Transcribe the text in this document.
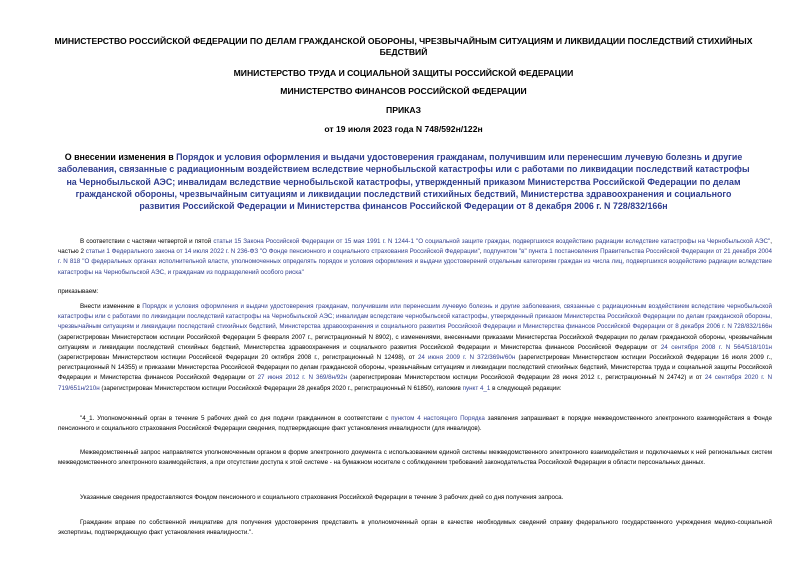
МИНИСТЕРСТВО РОССИЙСКОЙ ФЕДЕРАЦИИ ПО ДЕЛАМ ГРАЖДАНСКОЙ ОБОРОНЫ, ЧРЕЗВЫЧАЙНЫМ СИТУАЦИЯМ И ЛИКВИДАЦИИ ПОСЛЕДСТВИЙ СТИХИЙНЫХ БЕДСТВИЙ

МИНИСТЕРСТВО ТРУДА И СОЦИАЛЬНОЙ ЗАЩИТЫ РОССИЙСКОЙ ФЕДЕРАЦИИ

МИНИСТЕРСТВО ФИНАНСОВ РОССИЙСКОЙ ФЕДЕРАЦИИ

ПРИКАЗ

от 19 июля 2023 года N 748/592н/122н

О внесении изменения в Порядок и условия оформления и выдачи удостоверения гражданам, получившим или перенесшим лучевую болезнь и другие заболевания, связанные с радиационным воздействием вследствие чернобыльской катастрофы или с работами по ликвидации последствий катастрофы на Чернобыльской АЭС; инвалидам вследствие чернобыльской катастрофы, утвержденный приказом Министерства Российской Федерации по делам гражданской обороны, чрезвычайным ситуациям и ликвидации последствий стихийных бедствий, Министерства здравоохранения и социального развития Российской Федерации и Министерства финансов Российской Федерации от 8 декабря 2006 г. N 728/832/166н

В соответствии с частями четвертой и пятой статьи 15 Закона Российской Федерации от 15 мая 1991 г. N 1244-1 "О социальной защите граждан, подвергшихся воздействию радиации вследствие катастрофы на Чернобыльской АЭС", частью 2 статьи 1 Федерального закона от 14 июля 2022 г. N 236-ФЗ "О Фонде пенсионного и социального страхования Российской Федерации", подпунктом "в" пункта 1 постановления Правительства Российской Федерации от 21 декабря 2004 г. N 818 "О федеральных органах исполнительной власти, уполномоченных определять порядок и условия оформления и выдачи удостоверений отдельным категориям граждан из числа лиц, подвергшихся воздействию радиации вследствие катастрофы на Чернобыльской АЭС, и гражданам из подразделений особого риска"

приказываем:

Внести изменение в Порядок и условия оформления и выдачи удостоверения гражданам, получившим или перенесшим лучевую болезнь и другие заболевания, связанные с радиационным воздействием вследствие чернобыльской катастрофы или с работами по ликвидации последствий катастрофы на Чернобыльской АЭС; инвалидам вследствие чернобыльской катастрофы, утвержденный приказом Министерства Российской Федерации по делам гражданской обороны, чрезвычайным ситуациям и ликвидации последствий стихийных бедствий, Министерства здравоохранения и социального развития Российской Федерации и Министерства финансов Российской Федерации от 8 декабря 2006 г. N 728/832/166н (зарегистрирован Министерством юстиции Российской Федерации 5 февраля 2007 г., регистрационный N 8902), с изменениями, внесенными приказами Министерства Российской Федерации по делам гражданской обороны, чрезвычайным ситуациям и ликвидации последствий стихийных бедствий, Министерства здравоохранения и социального развития Российской Федерации и Министерства финансов Российской Федерации от 24 сентября 2008 г. N 564/518/101н (зарегистрирован Министерством юстиции Российской Федерации 20 октября 2008 г., регистрационный N 12498), от 24 июня 2009 г. N 372/369н/60н (зарегистрирован Министерством юстиции Российской Федерации 16 июля 2009 г., регистрационный N 14355) и приказами Министерства Российской Федерации по делам гражданской обороны, чрезвычайным ситуациям и ликвидации последствий стихийных бедствий, Министерства труда и социальной защиты Российской Федерации и Министерства финансов Российской Федерации от 27 июня 2012 г. N 369/8н/92н (зарегистрирован Министерством юстиции Российской Федерации 28 июня 2012 г., регистрационный N 24742) и от 24 сентября 2020 г. N 719/651н/210н (зарегистрирован Министерством юстиции Российской Федерации 28 декабря 2020 г., регистрационный N 61850), изложив пункт 4_1 в следующей редакции:

"4_1. Уполномоченный орган в течение 5 рабочих дней со дня подачи гражданином в соответствии с пунктом 4 настоящего Порядка заявления запрашивает в порядке межведомственного электронного взаимодействия в Фонде пенсионного и социального страхования Российской Федерации сведения, подтверждающие факт установления инвалидности (для инвалидов).

Межведомственный запрос направляется уполномоченным органом в форме электронного документа с использованием единой системы межведомственного электронного взаимодействия и подключаемых к ней региональных систем межведомственного электронного взаимодействия, а при отсутствии доступа к этой системе - на бумажном носителе с соблюдением требований законодательства Российской Федерации в области персональных данных.

Указанные сведения предоставляются Фондом пенсионного и социального страхования Российской Федерации в течение 3 рабочих дней со дня получения запроса.

Гражданин вправе по собственной инициативе для получения удостоверения представить в уполномоченный орган в качестве необходимых сведений справку федерального государственного учреждения медико-социальной экспертизы, подтверждающую факт установления инвалидности.".
